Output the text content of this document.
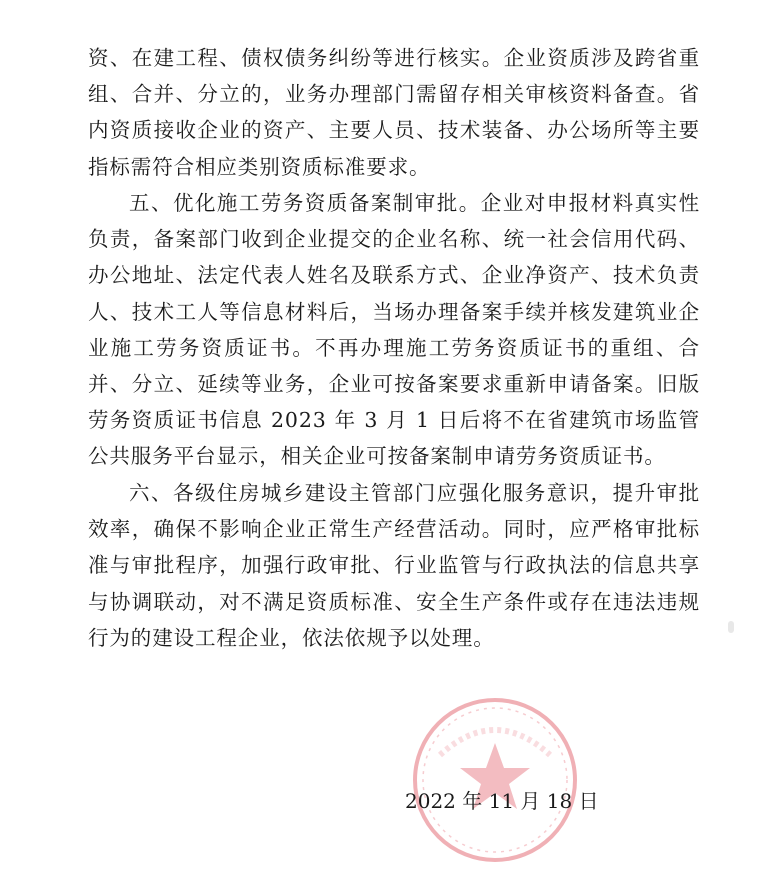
资、在建工程、债权债务纠纷等进行核实。企业资质涉及跨省重组、合并、分立的，业务办理部门需留存相关审核资料备查。省内资质接收企业的资产、主要人员、技术装备、办公场所等主要指标需符合相应类别资质标准要求。

五、优化施工劳务资质备案制审批。企业对申报材料真实性负责，备案部门收到企业提交的企业名称、统一社会信用代码、办公地址、法定代表人姓名及联系方式、企业净资产、技术负责人、技术工人等信息材料后，当场办理备案手续并核发建筑业企业施工劳务资质证书。不再办理施工劳务资质证书的重组、合并、分立、延续等业务，企业可按备案要求重新申请备案。旧版劳务资质证书信息 2023 年 3 月 1 日后将不在省建筑市场监管公共服务平台显示，相关企业可按备案制申请劳务资质证书。

六、各级住房城乡建设主管部门应强化服务意识，提升审批效率，确保不影响企业正常生产经营活动。同时，应严格审批标准与审批程序，加强行政审批、行业监管与行政执法的信息共享与协调联动，对不满足资质标准、安全生产条件或存在违法违规行为的建设工程企业，依法依规予以处理。

2022 年 11 月 18 日
